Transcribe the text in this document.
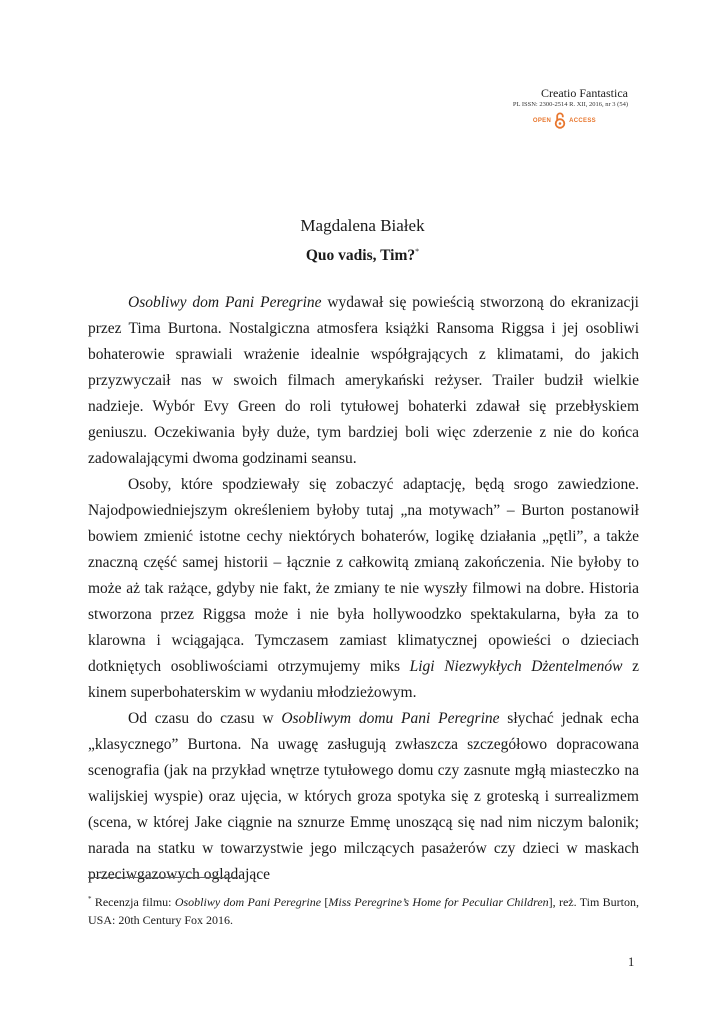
Creatio Fantastica
PL ISSN: 2300-2514 R. XII, 2016, nr 3 (54)
OPEN	ACCESS
Magdalena Białek
Quo vadis, Tim?*

Osobliwy dom Pani Peregrine wydawał się powieścią stworzoną do ekranizacji przez Tima Burtona. Nostalgiczna atmosfera książki Ransoma Riggsa i jej osobliwi bohaterowie sprawiali wrażenie idealnie współgrających z klimatami, do jakich przyzwyczaił nas w swoich filmach amerykański reżyser. Trailer budził wielkie nadzieje. Wybór Evy Green do roli tytułowej bohaterki zdawał się przebłyskiem geniuszu. Oczekiwania były duże, tym bardziej boli więc zderzenie z nie do końca zadowalającymi dwoma godzinami seansu.

Osoby, które spodziewały się zobaczyć adaptację, będą srogo zawiedzione. Najodpowiedniejszym określeniem byłoby tutaj „na motywach” – Burton postanowił bowiem zmienić istotne cechy niektórych bohaterów, logikę działania „pętli”, a także znaczną część samej historii – łącznie z całkowitą zmianą zakończenia. Nie byłoby to może aż tak rażące, gdyby nie fakt, że zmiany te nie wyszły filmowi na dobre. Historia stworzona przez Riggsa może i nie była hollywoodzko spektakularna, była za to klarowna i wciągająca. Tymczasem zamiast klimatycznej opowieści o dzieciach dotkniętych osobliwościami otrzymujemy miks Ligi Niezwykłych Dżentelmenów z kinem superbohaterskim w wydaniu młodzieżowym.

Od czasu do czasu w Osobliwym domu Pani Peregrine słychać jednak echa „klasycznego” Burtona. Na uwagę zasługują zwłaszcza szczegółowo dopracowana scenografia (jak na przykład wnętrze tytułowego domu czy zasnute mgłą miasteczko na walijskiej wyspie) oraz ujęcia, w których groza spotyka się z groteską i surrealizmem (scena, w której Jake ciągnie na sznurze Emmę unoszącą się nad nim niczym balonik; narada na statku w towarzystwie jego milczących pasażerów czy dzieci w maskach przeciwgazowych oglądające

* Recenzja filmu: Osobliwy dom Pani Peregrine [Miss Peregrine’s Home for Peculiar Children], reż. Tim Burton, USA: 20th Century Fox 2016.
1
